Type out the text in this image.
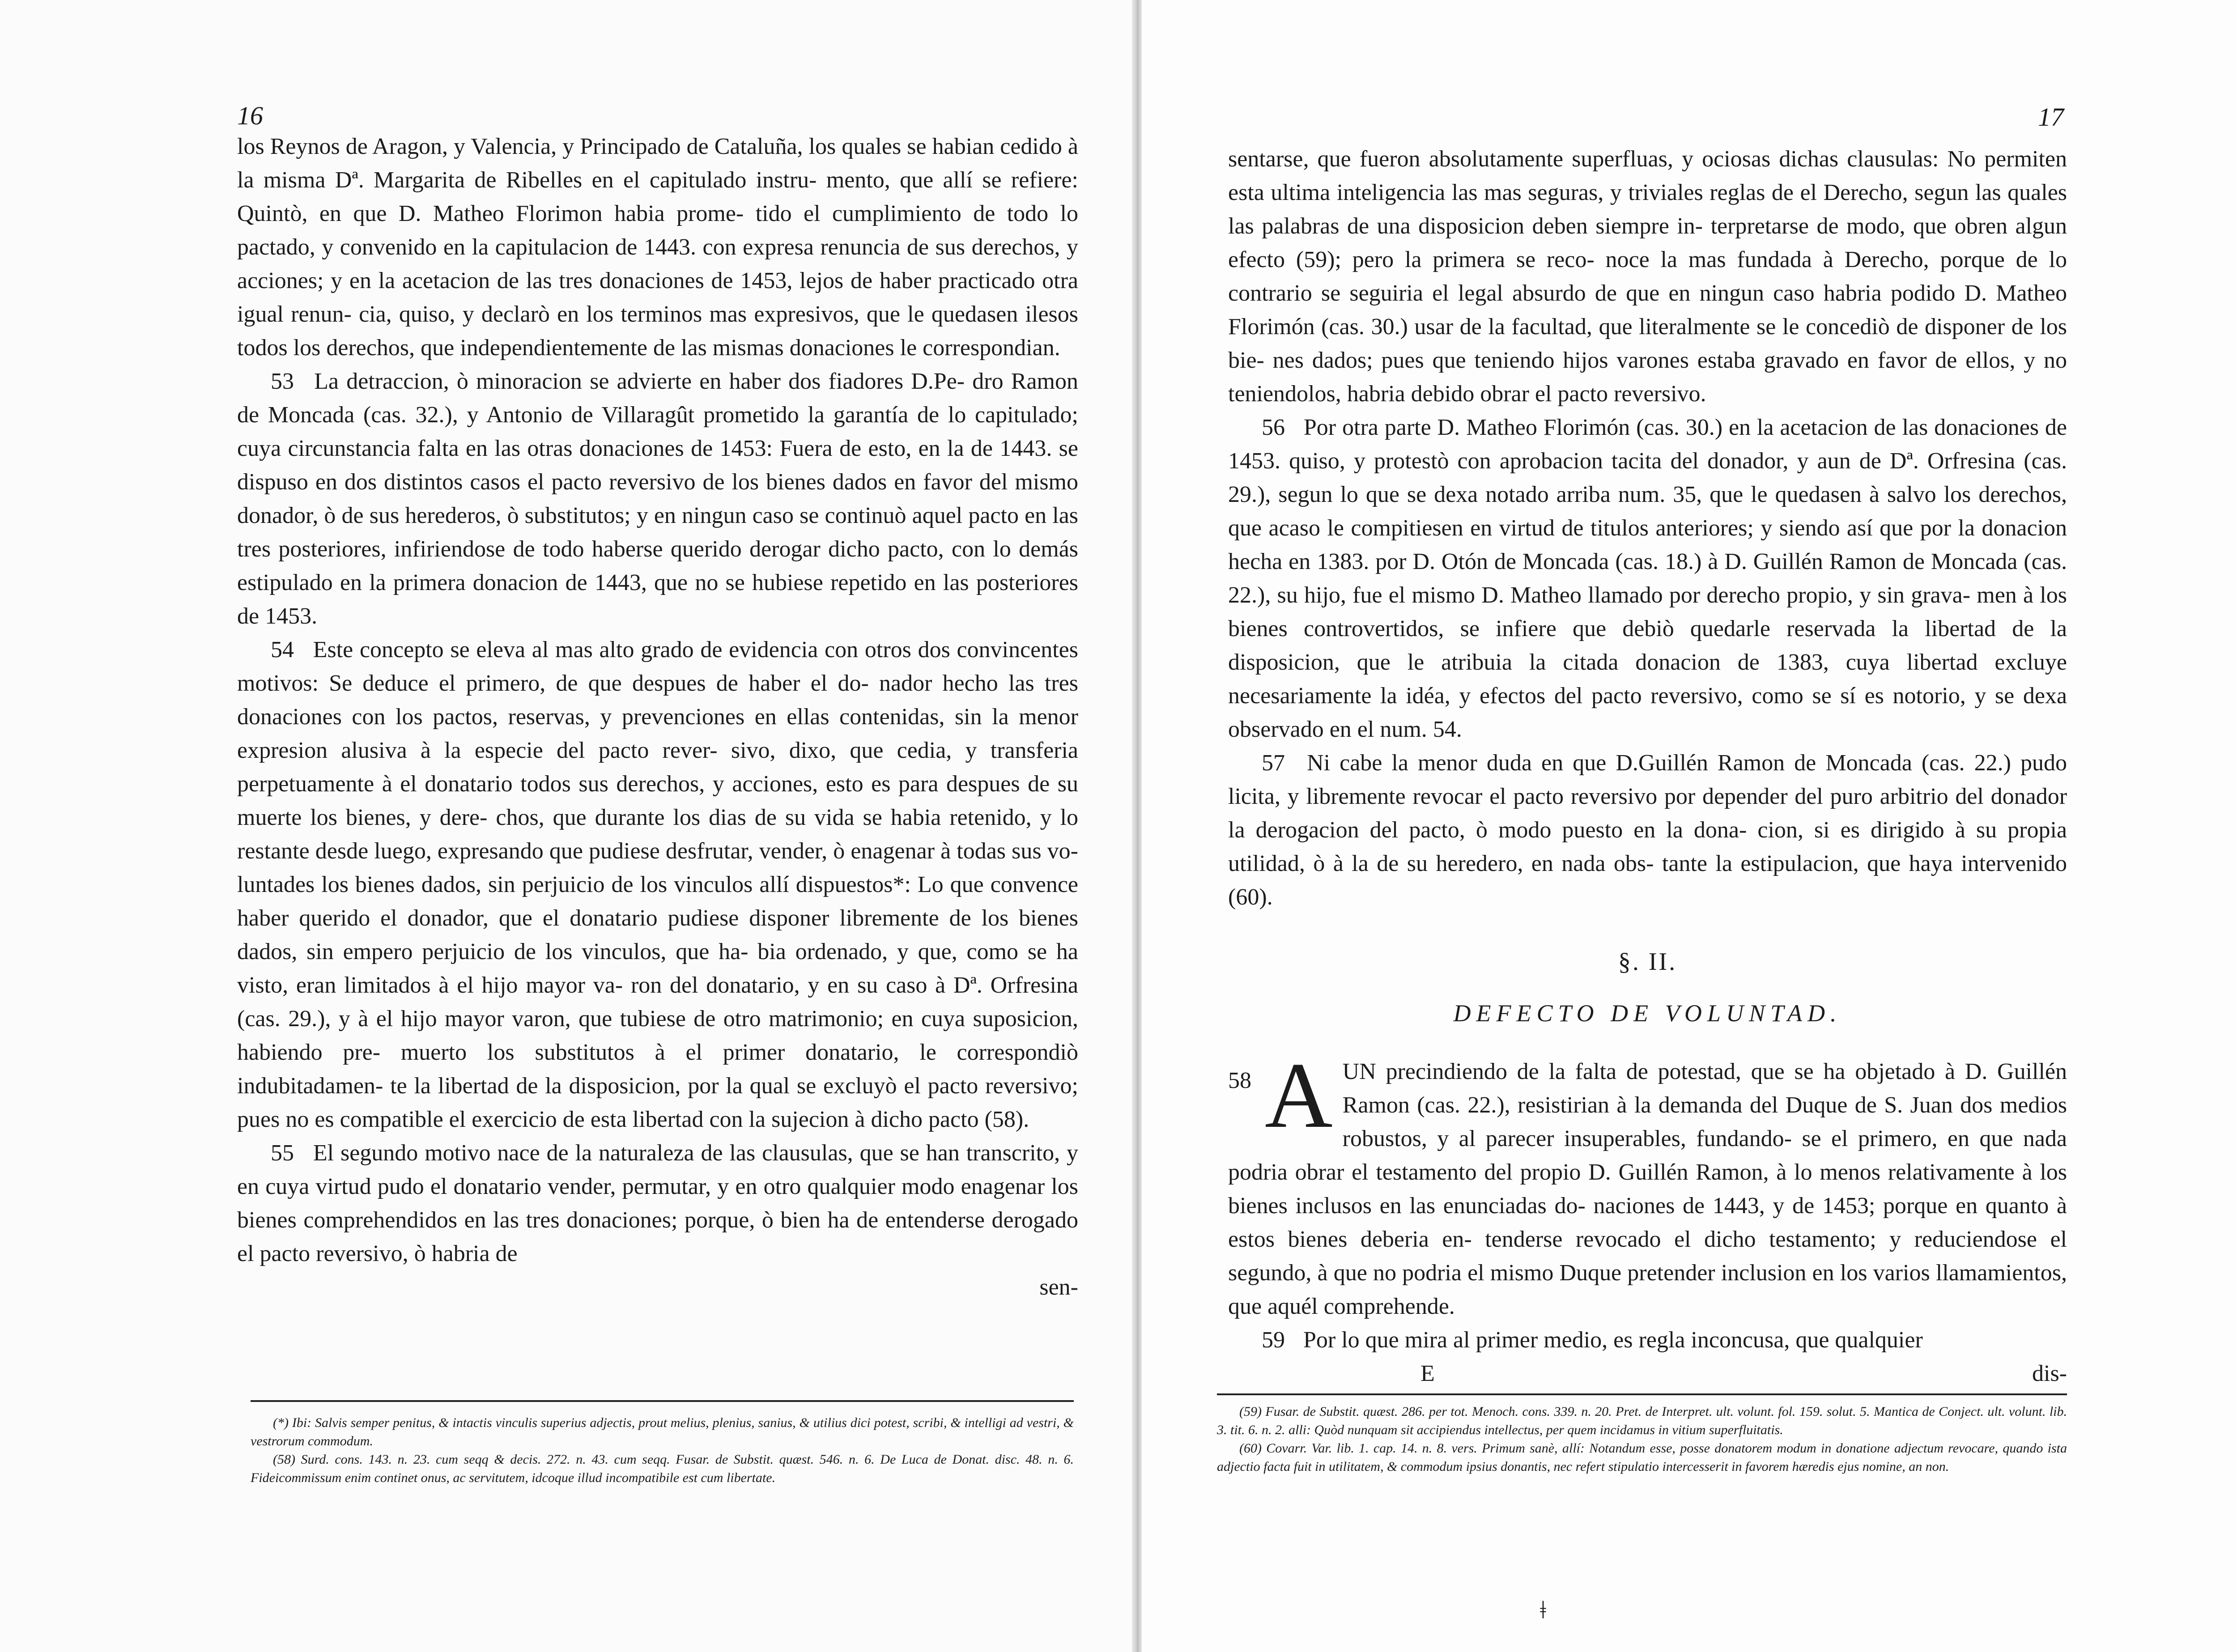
16

los Reynos de Aragon, y Valencia, y Principado de Cataluña, los quales se habian cedido à la misma Dª. Margarita de Ribelles en el capitulado instru- mento, que allí se refiere: Quintò, en que D. Matheo Florimon habia prome- tido el cumplimiento de todo lo pactado, y convenido en la capitulacion de 1443. con expresa renuncia de sus derechos, y acciones; y en la acetacion de las tres donaciones de 1453, lejos de haber practicado otra igual renun- cia, quiso, y declarò en los terminos mas expresivos, que le quedasen ilesos todos los derechos, que independientemente de las mismas donaciones le correspondian.

53 La detraccion, ò minoracion se advierte en haber dos fiadores D.Pe- dro Ramon de Moncada (cas. 32.), y Antonio de Villaragût prometido la garantía de lo capitulado; cuya circunstancia falta en las otras donaciones de 1453: Fuera de esto, en la de 1443. se dispuso en dos distintos casos el pacto reversivo de los bienes dados en favor del mismo donador, ò de sus herederos, ò substitutos; y en ningun caso se continuò aquel pacto en las tres posteriores, infiriendose de todo haberse querido derogar dicho pacto, con lo demás estipulado en la primera donacion de 1443, que no se hubiese repetido en las posteriores de 1453.

54 Este concepto se eleva al mas alto grado de evidencia con otros dos convincentes motivos: Se deduce el primero, de que despues de haber el do- nador hecho las tres donaciones con los pactos, reservas, y prevenciones en ellas contenidas, sin la menor expresion alusiva à la especie del pacto rever- sivo, dixo, que cedia, y transferia perpetuamente à el donatario todos sus derechos, y acciones, esto es para despues de su muerte los bienes, y dere- chos, que durante los dias de su vida se habia retenido, y lo restante desde luego, expresando que pudiese desfrutar, vender, ò enagenar à todas sus vo- luntades los bienes dados, sin perjuicio de los vinculos allí dispuestos*: Lo que convence haber querido el donador, que el donatario pudiese disponer libremente de los bienes dados, sin empero perjuicio de los vinculos, que ha- bia ordenado, y que, como se ha visto, eran limitados à el hijo mayor va- ron del donatario, y en su caso à Dª. Orfresina (cas. 29.), y à el hijo mayor varon, que tubiese de otro matrimonio; en cuya suposicion, habiendo pre- muerto los substitutos à el primer donatario, le correspondiò indubitadamen- te la libertad de la disposicion, por la qual se excluyò el pacto reversivo; pues no es compatible el exercicio de esta libertad con la sujecion à dicho pacto (58).

55 El segundo motivo nace de la naturaleza de las clausulas, que se han transcrito, y en cuya virtud pudo el donatario vender, permutar, y en otro qualquier modo enagenar los bienes comprehendidos en las tres donaciones; porque, ò bien ha de entenderse derogado el pacto reversivo, ò habria de

sen-

(*) Ibi: Salvis semper penitus, & intactis vinculis superius adjectis, prout melius, plenius, sanius, & utilius dici potest, scribi, & intelligi ad vestri, & vestrorum commodum.

(58) Surd. cons. 143. n. 23. cum seqq & decis. 272. n. 43. cum seqq. Fusar. de Substit. quæst. 546. n. 6. De Luca de Donat. disc. 48. n. 6. Fideicommissum enim continet onus, ac servitutem, idcoque illud incompatibile est cum libertate.

17

sentarse, que fueron absolutamente superfluas, y ociosas dichas clausulas: No permiten esta ultima inteligencia las mas seguras, y triviales reglas de el Derecho, segun las quales las palabras de una disposicion deben siempre in- terpretarse de modo, que obren algun efecto (59); pero la primera se reco- noce la mas fundada à Derecho, porque de lo contrario se seguiria el legal absurdo de que en ningun caso habria podido D. Matheo Florimón (cas. 30.) usar de la facultad, que literalmente se le concediò de disponer de los bie- nes dados; pues que teniendo hijos varones estaba gravado en favor de ellos, y no teniendolos, habria debido obrar el pacto reversivo.

56 Por otra parte D. Matheo Florimón (cas. 30.) en la acetacion de las donaciones de 1453. quiso, y protestò con aprobacion tacita del donador, y aun de Dª. Orfresina (cas. 29.), segun lo que se dexa notado arriba num. 35, que le quedasen à salvo los derechos, que acaso le compitiesen en virtud de titulos anteriores; y siendo así que por la donacion hecha en 1383. por D. Otón de Moncada (cas. 18.) à D. Guillén Ramon de Moncada (cas. 22.), su hijo, fue el mismo D. Matheo llamado por derecho propio, y sin grava- men à los bienes controvertidos, se infiere que debiò quedarle reservada la libertad de la disposicion, que le atribuia la citada donacion de 1383, cuya libertad excluye necesariamente la idéa, y efectos del pacto reversivo, como se sí es notorio, y se dexa observado en el num. 54.

57 Ni cabe la menor duda en que D.Guillén Ramon de Moncada (cas. 22.) pudo licita, y libremente revocar el pacto reversivo por depender del puro arbitrio del donador la derogacion del pacto, ò modo puesto en la dona- cion, si es dirigido à su propia utilidad, ò à la de su heredero, en nada obs- tante la estipulacion, que haya intervenido (60).

§. II.
DEFECTO DE VOLUNTAD.

58 A UN precindiendo de la falta de potestad, que se ha objetado à D. Guillén Ramon (cas. 22.), resistirian à la demanda del Duque de S. Juan dos medios robustos, y al parecer insuperables, fundando- se el primero, en que nada podria obrar el testamento del propio D. Guillén Ramon, à lo menos relativamente à los bienes inclusos en las enunciadas do- naciones de 1443, y de 1453; porque en quanto à estos bienes deberia en- tenderse revocado el dicho testamento; y reduciendose el segundo, à que no podria el mismo Duque pretender inclusion en los varios llamamientos, que aquél comprehende.

59 Por lo que mira al primer medio, es regla inconcusa, que qualquier

E	dis-

(59) Fusar. de Substit. quæst. 286. per tot. Menoch. cons. 339. n. 20. Pret. de Interpret. ult. volunt. fol. 159. solut. 5. Mantica de Conject. ult. volunt. lib. 3. tit. 6. n. 2. alli: Quòd nunquam sit accipiendus intellectus, per quem incidamus in vitium superfluitatis.

(60) Covarr. Var. lib. 1. cap. 14. n. 8. vers. Primum sanè, allí: Notandum esse, posse donatorem modum in donatione adjectum revocare, quando ista adjectio facta fuit in utilitatem, & commodum ipsius donantis, nec refert stipulatio intercesserit in favorem hæredis ejus nomine, an non.

ǂ
